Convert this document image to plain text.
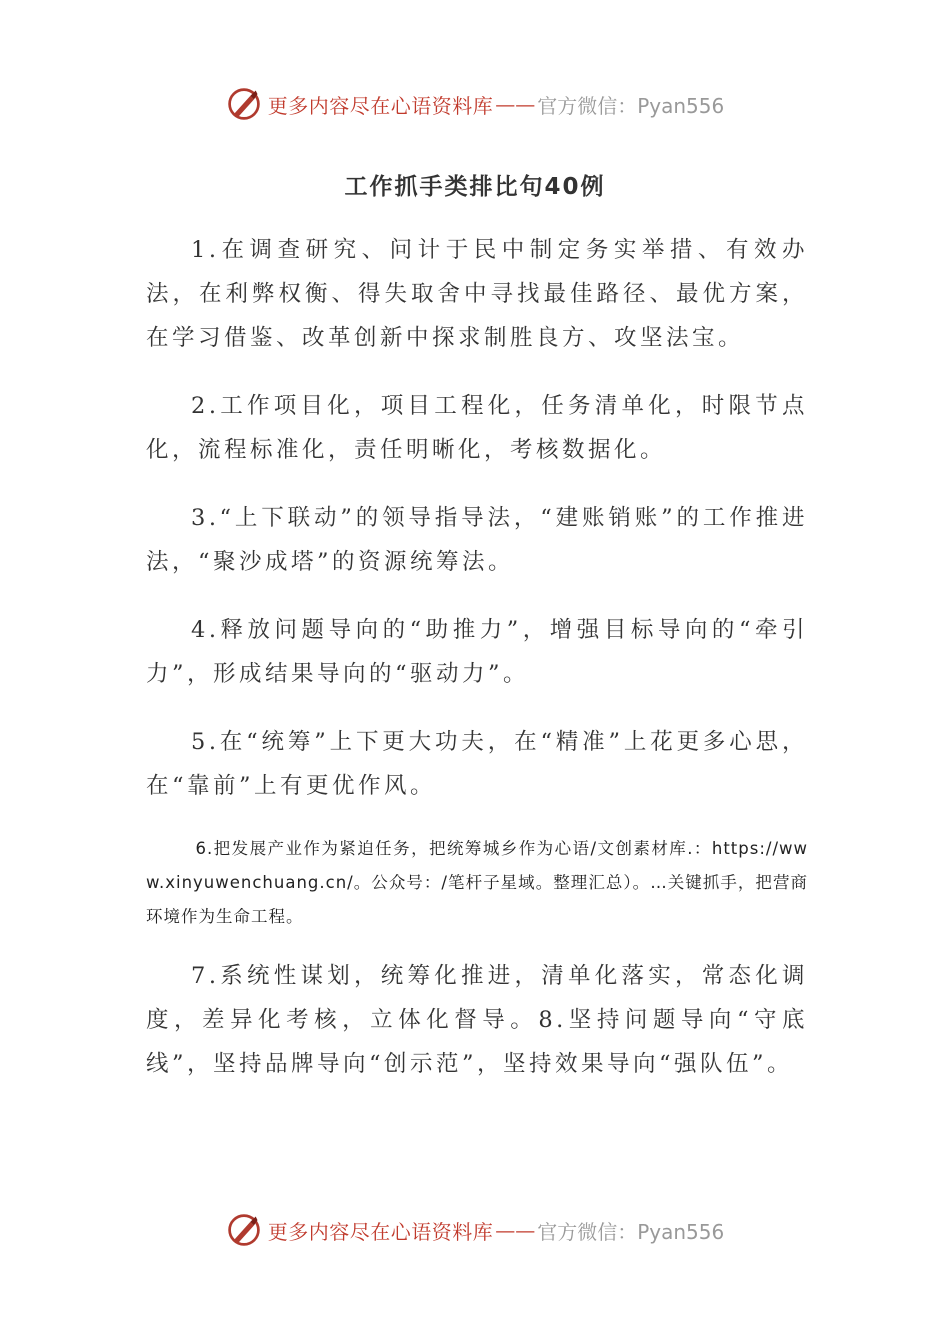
更多内容尽在心语资料库 —— 官方微信：Pyan556
工作抓手类排比句40例

1.在调查研究、问计于民中制定务实举措、有效办法，在利弊权衡、得失取舍中寻找最佳路径、最优方案，在学习借鉴、改革创新中探求制胜良方、攻坚法宝。

2.工作项目化，项目工程化，任务清单化，时限节点化，流程标准化，责任明晰化，考核数据化。

3.“上下联动”的领导指导法，“建账销账”的工作推进法，“聚沙成塔”的资源统筹法。

4.释放问题导向的“助推力”，增强目标导向的“牵引力”，形成结果导向的“驱动力”。

5.在“统筹”上下更大功夫，在“精准”上花更多心思，在“靠前”上有更优作风。

6.把发展产业作为紧迫任务，把统筹城乡作为心语/文创素材库.：https://www.xinyuwenchuang.cn/。公众号：/笔杆子星域。整理汇总）。…关键抓手，把营商环境作为生命工程。

7.系统性谋划，统筹化推进，清单化落实，常态化调度，差异化考核，立体化督导。8.坚持问题导向“守底线”，坚持品牌导向“创示范”，坚持效果导向“强队伍”。

更多内容尽在心语资料库 —— 官方微信：Pyan556
